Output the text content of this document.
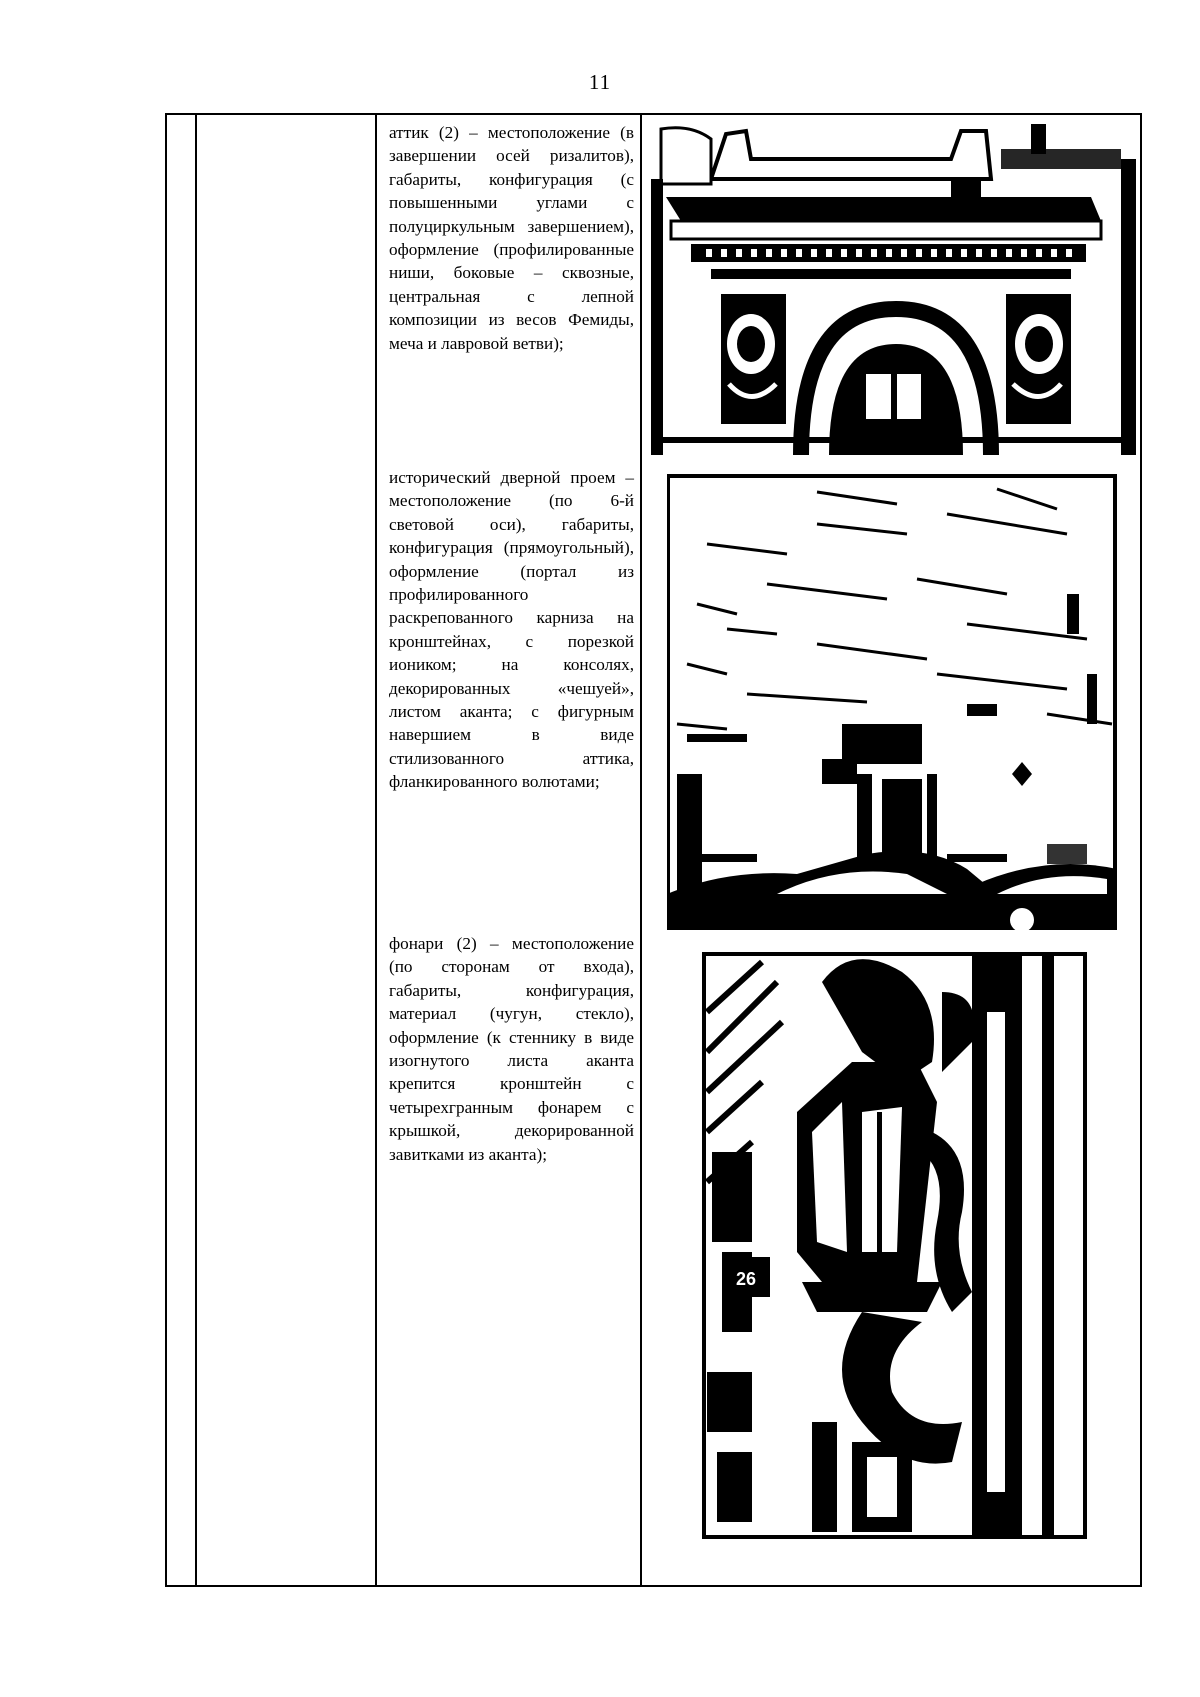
11
аттик (2) – местоположение (в завершении осей ризалитов), габариты, конфигурация (с повышенными углами с полуциркульным завершением), оформление (профилированные ниши, боковые – сквозные, центральная с лепной композиции из весов Фемиды, меча и лавровой ветви);
исторический дверной проем – местоположение (по 6-й световой оси), габариты, конфигурация (прямоугольный), оформление (портал из профилированного раскрепованного карниза на кронштейнах, с порезкой иоником; на консолях, декорированных «чешуей», листом аканта; с фигурным навершием в виде стилизованного аттика, фланкированного волютами;
фонари (2) – местоположение (по сторонам от входа), габариты, конфигурация, материал (чугун, стекло), оформление (к стеннику в виде изогнутого листа аканта крепится кронштейн с четырехгранным фонарем с крышкой, декорированной завитками из аканта);
26
